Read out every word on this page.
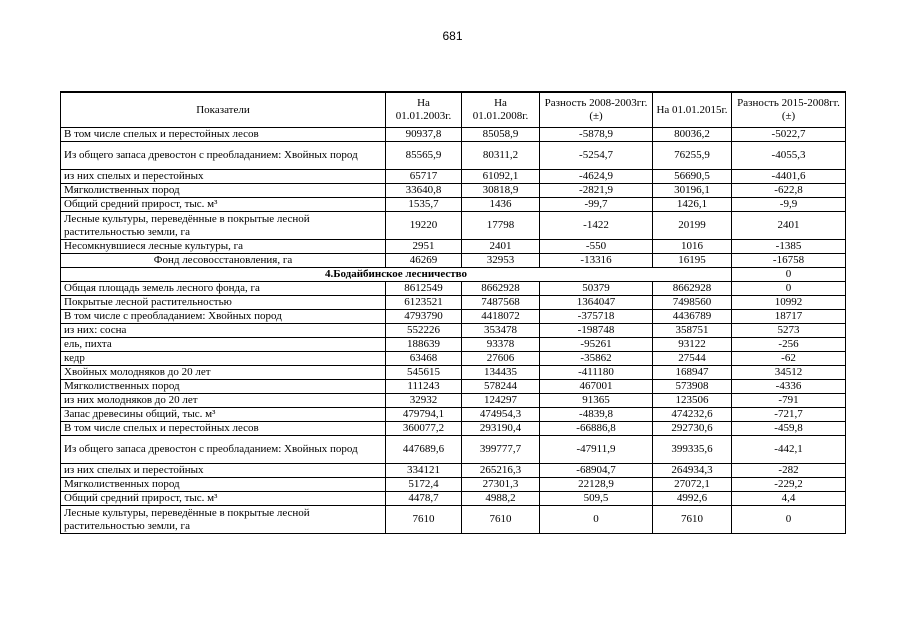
681
Показатели	На 01.01.2003г.	На 01.01.2008г.	Разность 2008-2003гг. (±)	На 01.01.2015г.	Разность 2015-2008гг. (±)
В том числе спелых и перестойных лесов	90937,8	85058,9	-5878,9	80036,2	-5022,7
Из общего запаса древостон с преобладанием: Хвойных пород	85565,9	80311,2	-5254,7	76255,9	-4055,3
из них спелых и перестойных	65717	61092,1	-4624,9	56690,5	-4401,6
Мягколиственных пород	33640,8	30818,9	-2821,9	30196,1	-622,8
Общий средний прирост, тыс. м³	1535,7	1436	-99,7	1426,1	-9,9
Лесные культуры, переведённые в покрытые лесной растительностью земли, га	19220	17798	-1422	20199	2401
Несомкнувшиеся лесные культуры, га	2951	2401	-550	1016	-1385
Фонд лесовосстановления, га	46269	32953	-13316	16195	-16758
4.Бодайбинское лесничество					0
Общая площадь земель лесного фонда, га	8612549	8662928	50379	8662928	0
Покрытые лесной растительностью	6123521	7487568	1364047	7498560	10992
В том числе с преобладанием: Хвойных пород	4793790	4418072	-375718	4436789	18717
из них: сосна	552226	353478	-198748	358751	5273
ель, пихта	188639	93378	-95261	93122	-256
кедр	63468	27606	-35862	27544	-62
Хвойных молодняков до 20 лет	545615	134435	-411180	168947	34512
Мягколиственных пород	111243	578244	467001	573908	-4336
из них молодняков до 20 лет	32932	124297	91365	123506	-791
Запас древесины общий, тыс. м³	479794,1	474954,3	-4839,8	474232,6	-721,7
В том числе спелых и перестойных лесов	360077,2	293190,4	-66886,8	292730,6	-459,8
Из общего запаса древостон с преобладанием: Хвойных пород	447689,6	399777,7	-47911,9	399335,6	-442,1
из них спелых и перестойных	334121	265216,3	-68904,7	264934,3	-282
Мягколиственных пород	5172,4	27301,3	22128,9	27072,1	-229,2
Общий средний прирост, тыс. м³	4478,7	4988,2	509,5	4992,6	4,4
Лесные культуры, переведённые в покрытые лесной растительностью земли, га	7610	7610	0	7610	0
